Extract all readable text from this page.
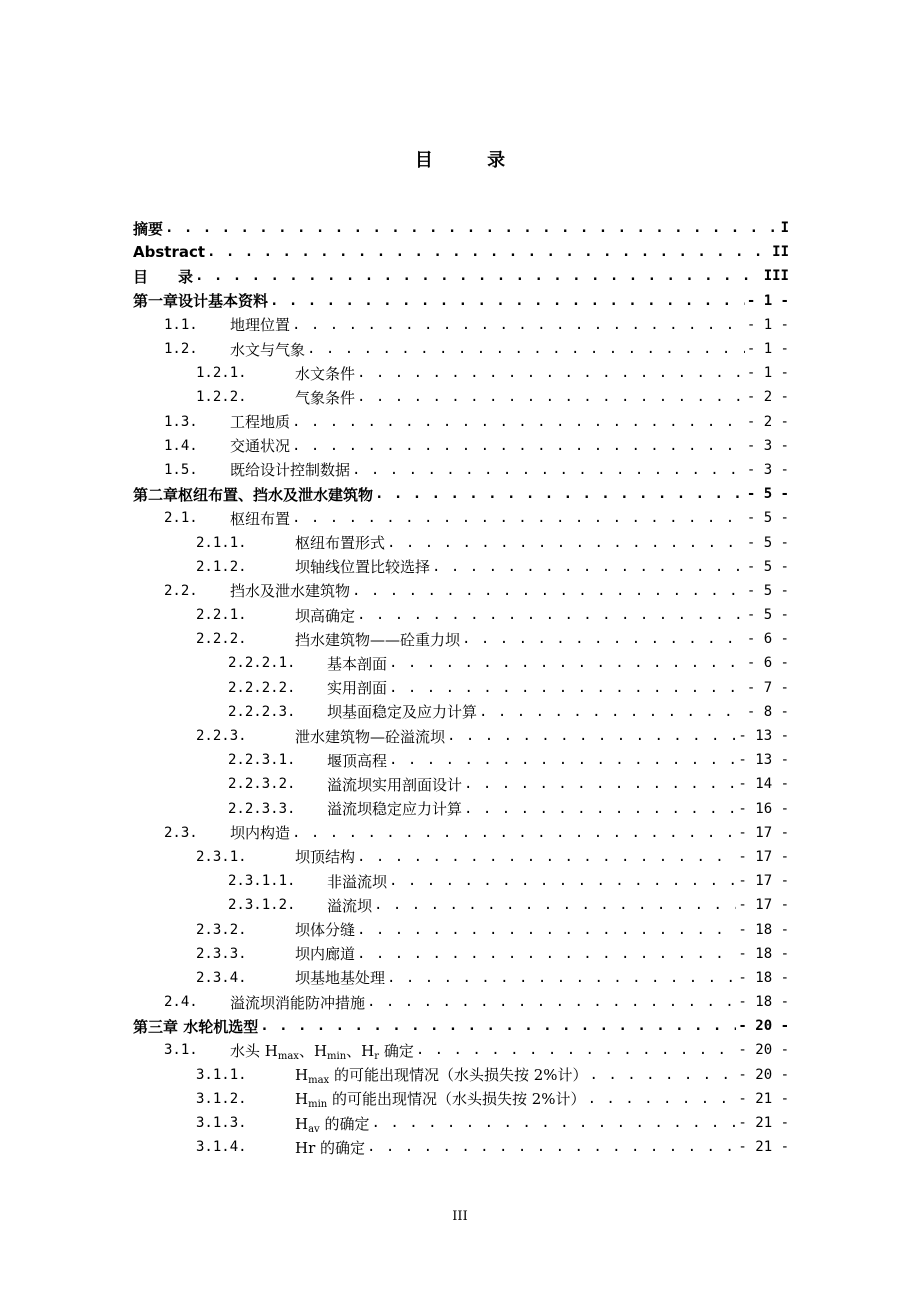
目 录
摘要 . . .	I
Abstract . . .	II
目　　录 . . .	III
第一章设计基本资料 . . .	- 1 -
1.1.	地理位置 . . .	- 1 -
1.2.	水文与气象 . . .	- 1 -
1.2.1.	水文条件 . . .	- 1 -
1.2.2.	气象条件 . . .	- 2 -
1.3.	工程地质 . . .	- 2 -
1.4.	交通状况 . . .	- 3 -
1.5.	既给设计控制数据 . . .	- 3 -
第二章枢纽布置、挡水及泄水建筑物 . . .	- 5 -
2.1.	枢纽布置 . . .	- 5 -
2.1.1.	枢纽布置形式 . . .	- 5 -
2.1.2.	坝轴线位置比较选择 . . .	- 5 -
2.2.	挡水及泄水建筑物 . . .	- 5 -
2.2.1.	坝高确定 . . .	- 5 -
2.2.2.	挡水建筑物——砼重力坝 . . .	- 6 -
2.2.2.1.	基本剖面 . . .	- 6 -
2.2.2.2.	实用剖面 . . .	- 7 -
2.2.2.3.	坝基面稳定及应力计算 . . .	- 8 -
2.2.3.	泄水建筑物—砼溢流坝 . . .	- 13 -
2.2.3.1.	堰顶高程 . . .	- 13 -
2.2.3.2.	溢流坝实用剖面设计 . . .	- 14 -
2.2.3.3.	溢流坝稳定应力计算 . . .	- 16 -
2.3.	坝内构造 . . .	- 17 -
2.3.1.	坝顶结构 . . .	- 17 -
2.3.1.1.	非溢流坝 . . .	- 17 -
2.3.1.2.	溢流坝 . . .	- 17 -
2.3.2.	坝体分缝 . . .	- 18 -
2.3.3.	坝内廊道 . . .	- 18 -
2.3.4.	坝基地基处理 . . .	- 18 -
2.4.	溢流坝消能防冲措施 . . .	- 18 -
第三章 水轮机选型 . . .	- 20 -
3.1.	水头 $H_{max}$、$H_{min}$、$H_r$ 确定 . . .	- 20 -
3.1.1.	$H_{max}$ 的可能出现情况（水头损失按 2%计） . . .	- 20 -
3.1.2.	$H_{min}$ 的可能出现情况（水头损失按 2%计） . . .	- 21 -
3.1.3.	$H_{av}$ 的确定 . . .	- 21 -
3.1.4.	Hr 的确定 . . .	- 21 -
III
